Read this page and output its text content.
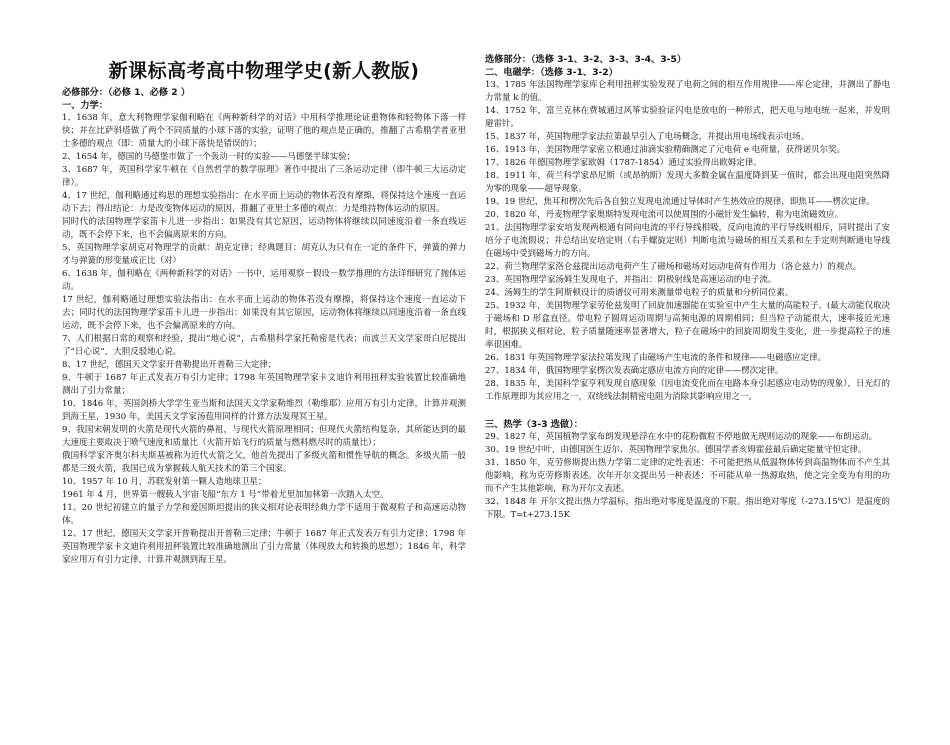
新课标高考高中物理学史(新人教版)
必修部分：（必修 1、必修 2 ）
一、力学：

1、1638 年，意大利物理学家伽利略在《两种新科学的对话》中用科学推理论证重物体和轻物体下落一样快；并在比萨斜塔做了两个不同质量的小球下落的实验，证明了他的观点是正确的，推翻了古希腊学者亚里士多德的观点（即：质量大的小球下落快是错误的）；

2、1654 年，德国的马德堡市做了一个轰动一时的实验——马德堡半球实验；

3、1687 年，英国科学家牛顿在《自然哲学的数学原理》著作中提出了三条运动定律（即牛顿三大运动定律）。

4、17 世纪，伽利略通过构思的理想实验指出：在水平面上运动的物体若没有摩擦，将保持这个速度一直运动下去；得出结论：力是改变物体运动的原因，推翻了亚里士多德的观点：力是维持物体运动的原因。

同时代的法国物理学家笛卡儿进一步指出：如果没有其它原因，运动物体将继续以同速度沿着一条直线运动，既不会停下来，也不会偏离原来的方向。

5、英国物理学家胡克对物理学的贡献：胡克定律；经典题目：胡克认为只有在一定的条件下，弹簧的弹力才与弹簧的形变量成正比（对）

6、1638 年，伽利略在《两种新科学的对话》一书中，运用观察－假设－数学推理的方法详细研究了抛体运动。

17 世纪，伽利略通过理想实验法指出：在水平面上运动的物体若没有摩擦，将保持这个速度一直运动下去；同时代的法国物理学家笛卡儿进一步指出：如果没有其它原因，运动物体将继续以同速度沿着一条直线运动，既不会停下来，也不会偏离原来的方向。

7、人们根据日常的观察和经验，提出“地心说”，古希腊科学家托勒密是代表；而波兰天文学家哥白尼提出了“日心说”，大胆反驳地心说。

8、17 世纪，德国天文学家开普勒提出开普勒三大定律；

9、牛顿于 1687 年正式发表万有引力定律；1798 年英国物理学家卡文迪许利用扭秤实验装置比较准确地测出了引力常量；

10、1846 年，英国剑桥大学学生亚当斯和法国天文学家勒维烈（勒维耶）应用万有引力定律，计算并观测到海王星，1930 年，美国天文学家汤苞用同样的计算方法发现冥王星。

9、我国宋朝发明的火箭是现代火箭的鼻祖，与现代火箭原理相同；但现代火箭结构复杂，其所能达到的最大速度主要取决于喷气速度和质量比（火箭开始飞行的质量与燃料燃尽时的质量比）；

俄国科学家齐奥尔科夫斯基被称为近代火箭之父，他首先提出了多级火箭和惯性导航的概念。多级火箭一般都是三级火箭，我国已成为掌握载人航天技术的第三个国家。

10、1957 年 10 月，苏联发射第一颗人造地球卫星；

1961 年 4 月，世界第一艘载人宇宙飞船“东方 1 号”带着尤里加加林第一次踏入太空。

11、20 世纪初建立的量子力学和爱因斯坦提出的狭义相对论表明经典力学不适用于微观粒子和高速运动物体。

12、17 世纪，德国天文学家开普勒提出开普勒三定律；牛顿于 1687 年正式发表万有引力定律；1798 年英国物理学家卡文迪许利用扭秤装置比较准确地测出了引力常量（体现放大和转换的思想）；1846 年，科学家应用万有引力定律，计算并观测到海王星。

选修部分：（选修 3-1、3-2、3-3、3-4、3-5）
二、电磁学：（选修 3-1、3-2）

13、1785 年法国物理学家库仑利用扭秤实验发现了电荷之间的相互作用规律——库仑定律，并测出了静电力常量 k 的值。

14、1752 年，富兰克林在费城通过风筝实验验证闪电是放电的一种形式，把天电与地电统一起来，并发明避雷针。

15、1837 年，英国物理学家法拉第最早引入了电场概念，并提出用电场线表示电场。

16、1913 年，美国物理学家密立根通过油滴实验精确测定了元电荷 e 电荷量，获得诺贝尔奖。

17、1826 年德国物理学家欧姆（1787-1854）通过实验得出欧姆定律。

18、1911 年，荷兰科学家昂尼斯（或昂纳斯）发现大多数金属在温度降到某一值时，都会出现电阻突然降为零的现象——超导现象。

19、19 世纪，焦耳和楞次先后各自独立发现电流通过导体时产生热效应的规律，即焦耳——楞次定律。

20、1820 年，丹麦物理学家奥斯特发现电流可以使周围的小磁针发生偏转，称为电流磁效应。

21、法国物理学家安培发现两根通有同向电流的平行导线相吸，反向电流的平行导线则相斥，同时提出了安培分子电流假说；并总结出安培定则（右手螺旋定则）判断电流与磁场的相互关系和左手定则判断通电导线在磁场中受到磁场力的方向。

22、荷兰物理学家洛仑兹提出运动电荷产生了磁场和磁场对运动电荷有作用力（洛仑兹力）的观点。

23、英国物理学家汤姆生发现电子，并指出：阴极射线是高速运动的电子流。

24、汤姆生的学生阿斯顿设计的质谱仪可用来测量带电粒子的质量和分析同位素。

25、1932 年，美国物理学家劳伦兹发明了回旋加速器能在实验室中产生大量的高能粒子。(最大动能仅取决于磁场和 D 形盒直径。带电粒子圆周运动周期与高频电源的周期相同；但当粒子动能很大，速率接近光速时，根据狭义相对论，粒子质量随速率显著增大，粒子在磁场中的回旋周期发生变化，进一步提高粒子的速率很困难。

26、1831 年英国物理学家法拉第发现了由磁场产生电流的条件和规律——电磁感应定律。

27、1834 年，俄国物理学家楞次发表确定感应电流方向的定律——楞次定律。

28、1835 年，美国科学家亨利发现自感现象（因电流变化而在电路本身引起感应电动势的现象），日光灯的工作原理即为其应用之一，双绕线法制精密电阻为消除其影响应用之一。

三、热学（3-3 选做）：

29、1827 年，英国植物学家布朗发现悬浮在水中的花粉微粒不停地做无规则运动的现象——布朗运动。

30、19 世纪中叶，由德国医生迈尔、英国物理学家焦尔、德国学者亥姆霍兹最后确定能量守恒定律。

31、1850 年，克劳修斯提出热力学第二定律的定性表述：不可能把热从低温物体传到高温物体而不产生其他影响，称为克劳修斯表述。次年开尔文提出另一种表述：不可能从单一热源取热，使之完全变为有用的功而不产生其他影响，称为开尔文表述。

32、1848 年 开尔文提出热力学温标，指出绝对零度是温度的下限。指出绝对零度（-273.15℃）是温度的下限。T=t+273.15K
